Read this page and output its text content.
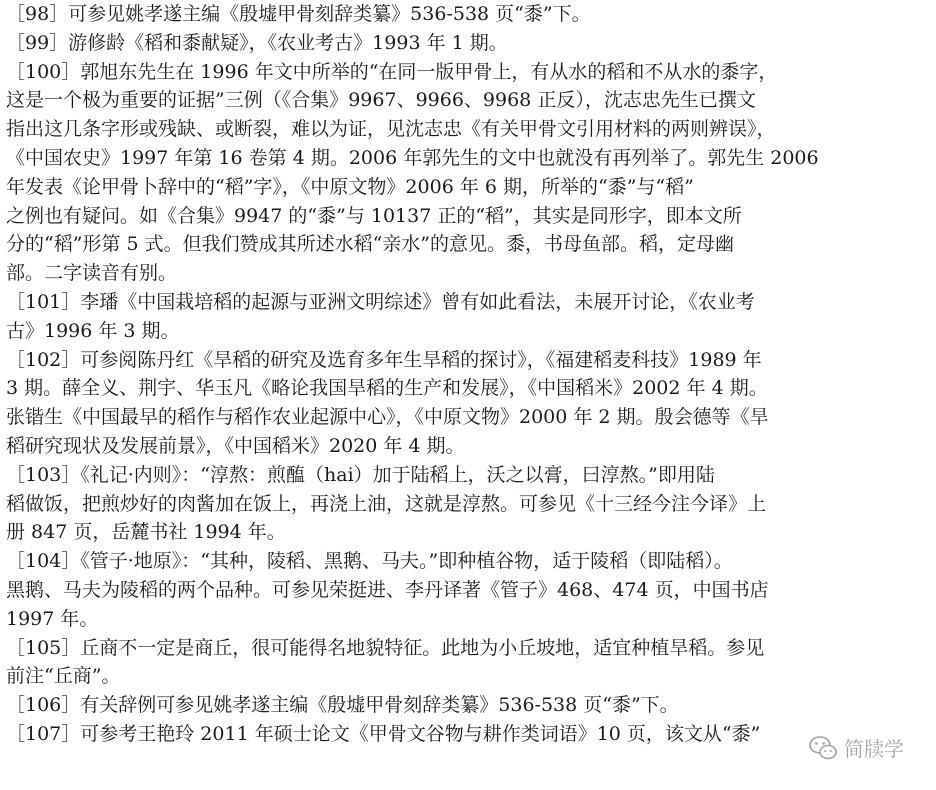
［98］可参见姚孝遂主编《殷墟甲骨刻辞类纂》536-538 页“黍”下。

［99］游修龄《稻和黍献疑》，《农业考古》1993 年 1 期。

［100］郭旭东先生在 1996 年文中所举的“在同一版甲骨上，有从水的稻和不从水的黍字，
这是一个极为重要的证据”三例（《合集》9967、9966、9968 正反），沈志忠先生已撰文
指出这几条字形或残缺、或断裂，难以为证，见沈志忠《有关甲骨文引用材料的两则辨误》，
《中国农史》1997 年第 16 卷第 4 期。2006 年郭先生的文中也就没有再列举了。郭先生 2006
年发表《论甲骨卜辞中的“稻”字》，《中原文物》2006 年 6 期，所举的“黍”与“稻”
之例也有疑问。如《合集》9947 的“黍”与 10137 正的“稻”，其实是同形字，即本文所
分的“稻”形第 5 式。但我们赞成其所述水稻“亲水”的意见。黍，书母鱼部。稻，定母幽
部。二字读音有别。

［101］李璠《中国栽培稻的起源与亚洲文明综述》曾有如此看法，未展开讨论，《农业考
古》1996 年 3 期。

［102］可参阅陈丹红《旱稻的研究及选育多年生旱稻的探讨》，《福建稻麦科技》1989 年
3 期。薛全义、荆宇、华玉凡《略论我国旱稻的生产和发展》，《中国稻米》2002 年 4 期。
张锴生《中国最早的稻作与稻作农业起源中心》，《中原文物》2000 年 2 期。殷会德等《旱
稻研究现状及发展前景》，《中国稻米》2020 年 4 期。

［103］《礼记·内则》：“淳熬：煎醢（hai）加于陆稻上，沃之以膏，曰淳熬。”即用陆
稻做饭，把煎炒好的肉酱加在饭上，再浇上油，这就是淳熬。可参见《十三经今注今译》上
册 847 页，岳麓书社 1994 年。

［104］《管子·地原》：“其种，陵稻、黑鹅、马夫。”即种植谷物，适于陵稻（即陆稻）。
黑鹅、马夫为陵稻的两个品种。可参见荣挺进、李丹译著《管子》468、474 页，中国书店
1997 年。

［105］丘商不一定是商丘，很可能得名地貌特征。此地为小丘坡地，适宜种植旱稻。参见
前注“丘商”。

［106］有关辞例可参见姚孝遂主编《殷墟甲骨刻辞类纂》536-538 页“黍”下。

［107］可参考王艳玲 2011 年硕士论文《甲骨文谷物与耕作类词语》10 页，该文从“黍”

简牍学
